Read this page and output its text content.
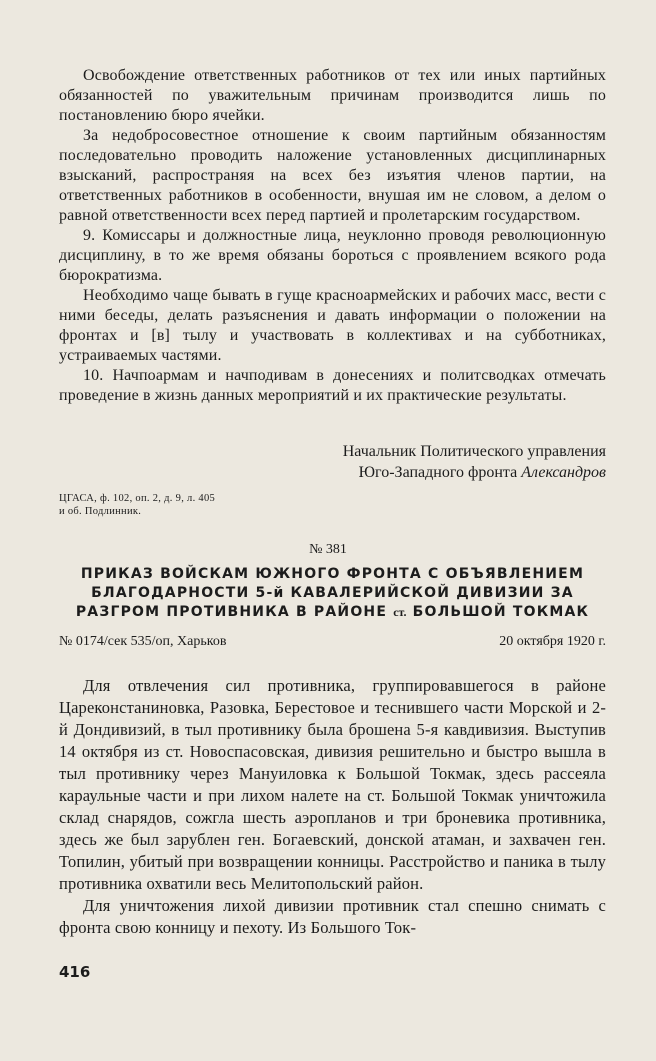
Освобождение ответственных работников от тех или иных партийных обязанностей по уважительным причинам производится лишь по постановлению бюро ячейки.

За недобросовестное отношение к своим партийным обязанностям последовательно проводить наложение установленных дисциплинарных взысканий, распространяя на всех без изъятия членов партии, на ответственных работников в особенности, внушая им не словом, а делом о равной ответственности всех перед партией и пролетарским государством.

9. Комиссары и должностные лица, неуклонно проводя революционную дисциплину, в то же время обязаны бороться с проявлением всякого рода бюрократизма.

Необходимо чаще бывать в гуще красноармейских и рабочих масс, вести с ними беседы, делать разъяснения и давать информации о положении на фронтах и [в] тылу и участвовать в коллективах и на субботниках, устраиваемых частями.

10. Начпоармам и начподивам в донесениях и политсводках отмечать проведение в жизнь данных мероприятий и их практические результаты.

Начальник Политического управления
Юго-Западного фронта Александров
ЦГАСА, ф. 102, оп. 2, д. 9, л. 405
и об. Подлинник.
№ 381
ПРИКАЗ ВОЙСКАМ ЮЖНОГО ФРОНТА С ОБЪЯВЛЕНИЕМ БЛАГОДАРНОСТИ 5-й КАВАЛЕРИЙСКОЙ ДИВИЗИИ ЗА РАЗГРОМ ПРОТИВНИКА В РАЙОНЕ ст. БОЛЬШОЙ ТОКМАК
№ 0174/сек 535/оп, Харьков	20 октября 1920 г.

Для отвлечения сил противника, группировавшегося в районе Цареконстаниновка, Разовка, Берестовое и теснившего части Морской и 2-й Дондивизий, в тыл противнику была брошена 5-я кавдивизия. Выступив 14 октября из ст. Новоспасовская, дивизия решительно и быстро вышла в тыл противнику через Мануиловка к Большой Токмак, здесь рассеяла караульные части и при лихом налете на ст. Большой Токмак уничтожила склад снарядов, сожгла шесть аэропланов и три броневика противника, здесь же был зарублен ген. Богаевский, донской атаман, и захвачен ген. Топилин, убитый при возвращении конницы. Расстройство и паника в тылу противника охватили весь Мелитопольский район.

Для уничтожения лихой дивизии противник стал спешно снимать с фронта свою конницу и пехоту. Из Большого Ток-

416
